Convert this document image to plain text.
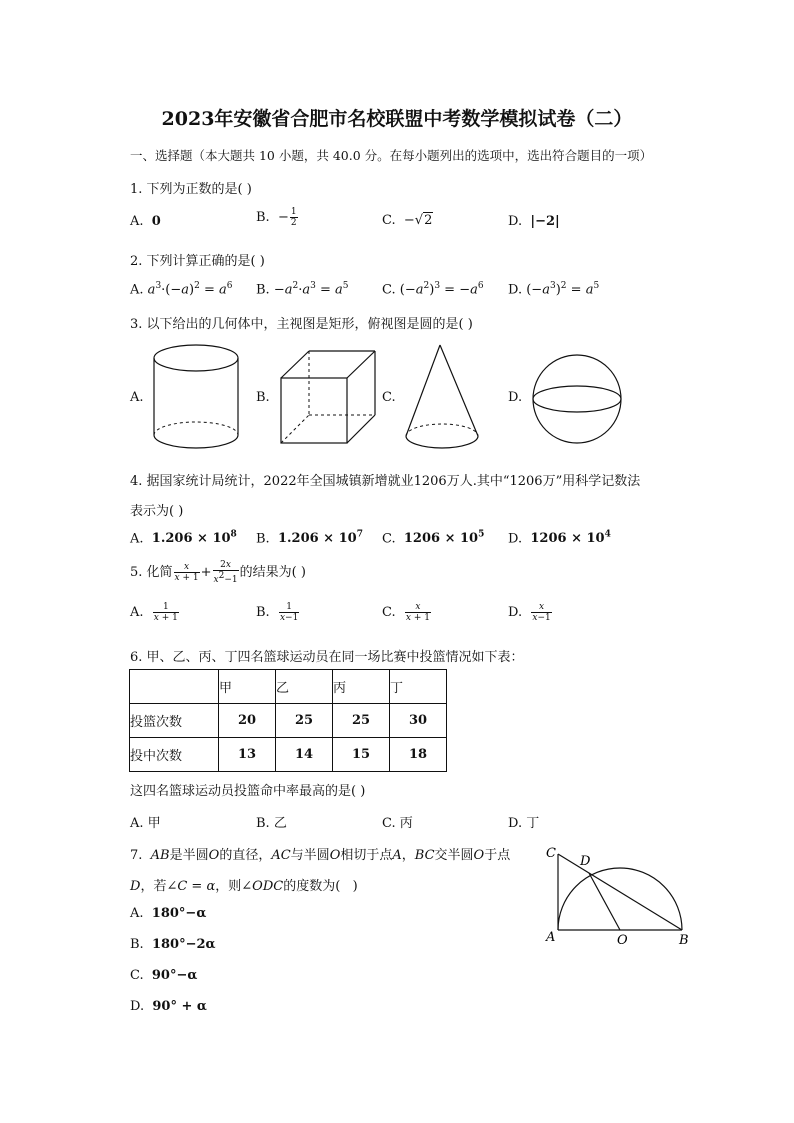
2023年安徽省合肥市名校联盟中考数学模拟试卷（二）
一、选择题（本大题共 10 小题，共 40.0 分。在每小题列出的选项中，选出符合题目的一项）
1. 下列为正数的是( )
A. 0	B.  − $\frac{1}{2}$	C.  −√2	D. |−2|
2. 下列计算正确的是( )
A. $a^3\cdot(-a)^2 = a^6$ B. $-a^2\cdot a^3 = a^5$	C. $(-a^2)^3 = -a^6$ D. $(-a^3)^2 = a^5$
3. 以下给出的几何体中，主视图是矩形，俯视图是圆的是( )
A.	B.	C.	D.
4. 据国家统计局统计，2022年全国城镇新增就业1206万人.其中“1206万”用科学记数法
表示为( )
A. $1.206 \times 10^8$ B. $1.206 \times 10^7$ C. $1206 \times 10^5$ D. $1206 \times 10^4$
5. 化简 $\frac{x}{x + 1} + \frac{2x}{x^2-1}$ 的结果为( )
A. $\frac{1}{x + 1}$	B. $\frac{1}{x-1}$	C. $\frac{x}{x + 1}$	D. $\frac{x}{x-1}$
6. 甲、乙、丙、丁四名篮球运动员在同一场比赛中投篮情况如下表：
	甲	乙	丙	丁
投篮次数	20	25	25	30
投中次数	13	14	15	18
这四名篮球运动员投篮命中率最高的是( )
A. 甲	B. 乙	C. 丙	D. 丁
7.  AB是半圆O的直径，AC与半圆O相切于点A，BC交半圆O于点
D，若∠C = α，则∠ODC的度数为(   )
A. 180°−α
B. 180°−2α
C. 90°−α
D. 90° + α
C
D
A	O	B
